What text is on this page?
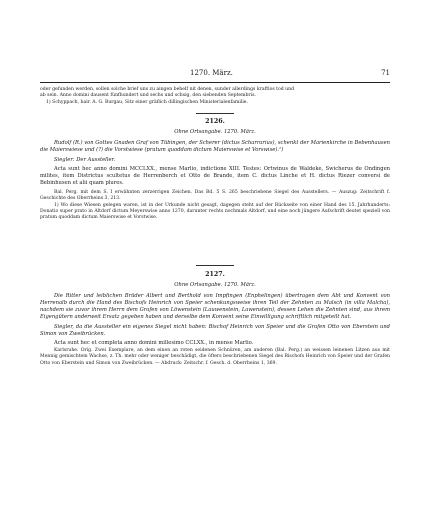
1270. März.	71

oder gefunden werden, sollen solche brief uns zu aingen behelf nit denen, sunder allerdings kraftlos tod und

ab sein. Anno domini dausent fünfhundert und sechs und schsig, den siebenden Septembris.

1) Schyppach, bair. A. G. Burgau, Sitz einer gräflich dillingischen Ministerialenfamilie.

2126.

Ohne Ortsangabe. 1270. März.

Rudolf (R.) von Gottes Gnaden Graf von Tübingen, der Scherer (dictus Scharrarius), schenkt der Marienkirche in Bebenhausen die Maierswiese und (?) die Vorstwiese (pratum quoddam dictum Maierswise et Vorswise).¹)

Siegler: Der Aussteller.

Acta sunt hec anno domini MCCLXX., mense Marlio, indictione XIII. Testes: Ortwinus de Waldeke, Swicherus de Ondingen milites, item Districtus scultetus de Herrenberch et Otto de Brande, item C. dictus Linche et H. dictus Riezer conversi de Bebinhusen et alii quam plures.

Bal. Perg. mit dem S. I erwähnten zerzerrigen Zeichen. Das Bd. 5 S. 265 beschriebene Siegel des Ausstellers. — Auszug: Zeitschrift f. Geschichte des Oberrheins 3, 213.

1) Wo diese Wiesen gelegen waren, ist in der Urkunde nicht gesagt, dagegen steht auf der Rückseite von einer Hand des 15. Jahrhunderts: Donatio super prato in Altdorf dictum Meyerswise anno 1270, darunter rechts nochmals Altdorf, und eine noch jüngere Aufschrift deutet speziell von pratum quoddam dictum Maierswise et Vorstwise.

2127.

Ohne Ortsangabe. 1270. März.

Die Ritter und leiblichen Brüder Albert und Berthold von Impfingen (Enphelingen) übertragen dem Abt und Konvent von Herrenalb durch die Hand des Bischofs Heinrich von Speier schenkungsweise ihren Teil der Zehnten zu Malsch (in villa Malcha), nachdem sie zuvor ihrem Herrn dem Grafen von Löwenstein (Lauwenstein, Lawenstein), dessen Lehen die Zehnten sind, aus ihrem Eigengütern anderweit Ersatz gegeben haben und derselbe dem Konvent seine Einwilligung schriftlich mitgeteilt hat.

Siegler, da die Aussteller ein eigenes Siegel nicht haben: Bischof Heinrich von Speier und die Grafen Otto von Eberstein und Simon von Zweibrücken.

Acta sunt hec et completa anno domini millesimo CCLXX., in mense Marlio.

Karlsruhe. Orig. Zwei Exemplare, an dem einen an roten seidenen Schnüren, am anderen (Bal. Perg.) an weissen leinenen Litzen aus mit Mennig gemischtem Wachse, z. Th. mehr oder weniger beschädigt, die öfters beschriebenen Siegel des Bischofs Heinrich von Speier und der Grafen Otto von Eberstein und Simon von Zweibrücken. — Abdruck: Zeitschr. f. Gesch. d. Oberrheins 1, 369.
